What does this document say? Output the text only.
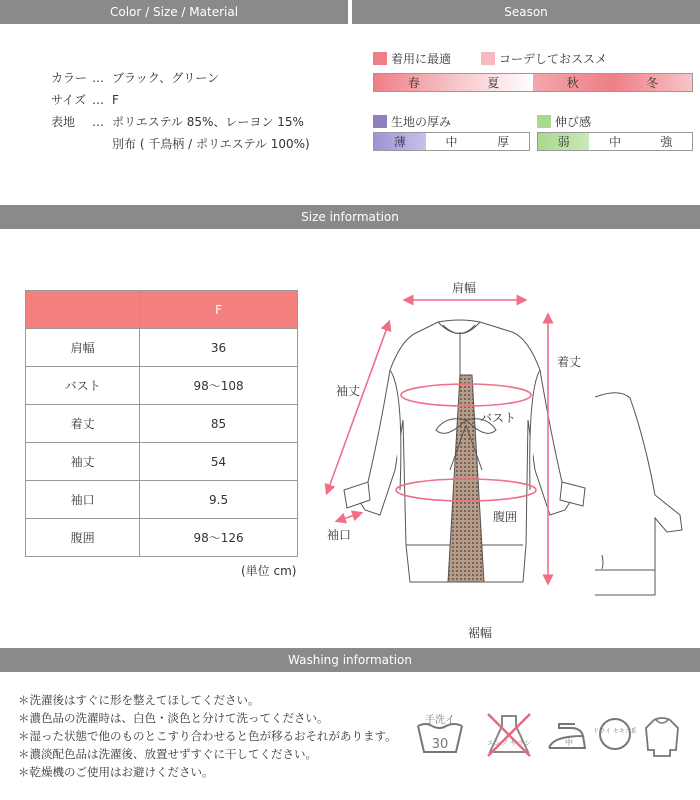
Color / Size / Material	Season
カラー … ブラック、グリーン
サイズ … F
表地 … ポリエステル 85%、レーヨン 15%
別布 ( 千鳥柄 / ポリエステル 100%)
着用に最適	コーデしておススメ
春	夏	秋	冬
生地の厚み
薄	中	厚
伸び感
弱	中	強
Size information
	F
肩幅	36
バスト	98〜108
着丈	85
袖丈	54
袖口	9.5
腹囲	98〜126
(単位 cm)
肩幅
着丈
袖丈
バスト
腹囲
袖口
裾幅
Washing information
＊洗濯後はすぐに形を整えてほしてください。
＊濃色品の洗濯時は、白色・淡色と分けて洗ってください。
＊湿った状態で他のものとこすり合わせると色が移るおそれがあります。
＊濃淡配色品は洗濯後、放置せずすぐに干してください。
＊乾燥機のご使用はお避けください。
手洗イ
30	エンソ サラシ	中
ドライ セキユ系
